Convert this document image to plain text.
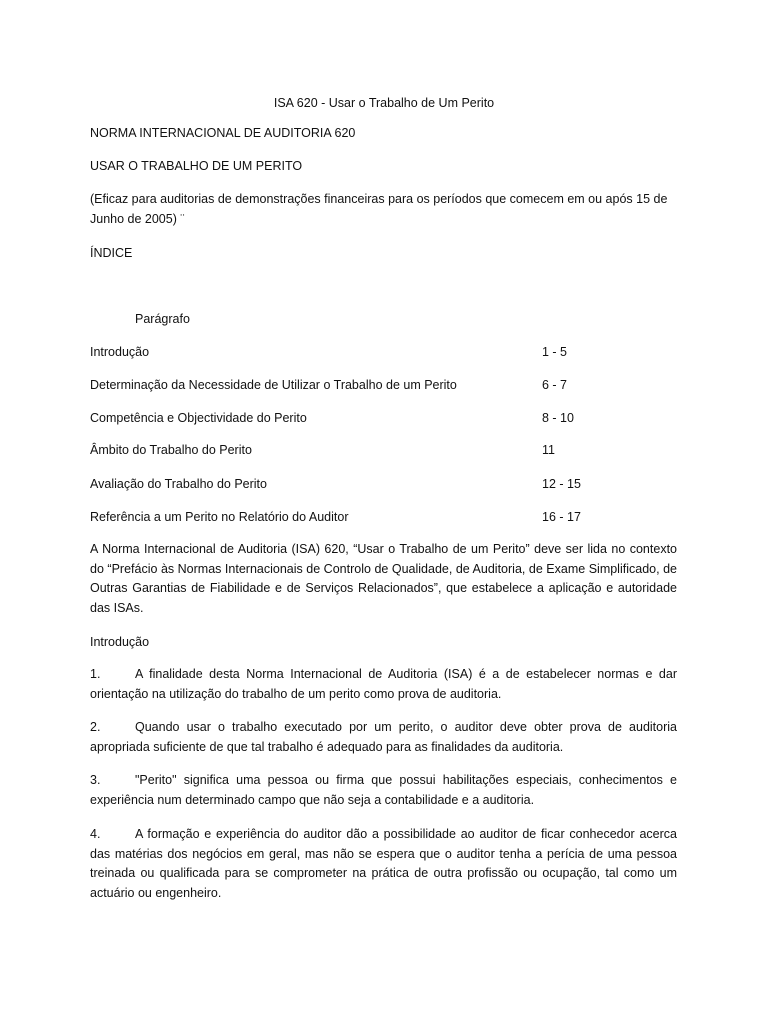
ISA 620 - Usar o Trabalho de Um Perito
NORMA INTERNACIONAL DE AUDITORIA 620
USAR O TRABALHO DE UM PERITO
(Eficaz para auditorias de demonstrações financeiras para os períodos que comecem em ou após 15 de Junho de 2005) ¨
ÍNDICE
Parágrafo
Introdução	1 - 5
Determinação da Necessidade de Utilizar o Trabalho de um Perito	6 - 7
Competência e Objectividade do Perito	8 - 10
Âmbito do Trabalho do Perito	11
Avaliação do Trabalho do Perito	12 - 15
Referência a um Perito no Relatório do Auditor	16 - 17
A Norma Internacional de Auditoria (ISA) 620, “Usar o Trabalho de um Perito” deve ser lida no contexto do “Prefácio às Normas Internacionais de Controlo de Qualidade, de Auditoria, de Exame Simplificado, de Outras Garantias de Fiabilidade e de Serviços Relacionados”, que estabelece a aplicação e autoridade das ISAs.
Introdução
1.	A finalidade desta Norma Internacional de Auditoria (ISA) é a de estabelecer normas e dar orientação na utilização do trabalho de um perito como prova de auditoria.
2.	Quando usar o trabalho executado por um perito, o auditor deve obter prova de auditoria apropriada suficiente de que tal trabalho é adequado para as finalidades da auditoria.
3.	"Perito" significa uma pessoa ou firma que possui habilitações especiais, conhecimentos e experiência num determinado campo que não seja a contabilidade e a auditoria.
4.	A formação e experiência do auditor dão a possibilidade ao auditor de ficar conhecedor acerca das matérias dos negócios em geral, mas não se espera que o auditor tenha a perícia de uma pessoa treinada ou qualificada para se comprometer na prática de outra profissão ou ocupação, tal como um actuário ou engenheiro.
